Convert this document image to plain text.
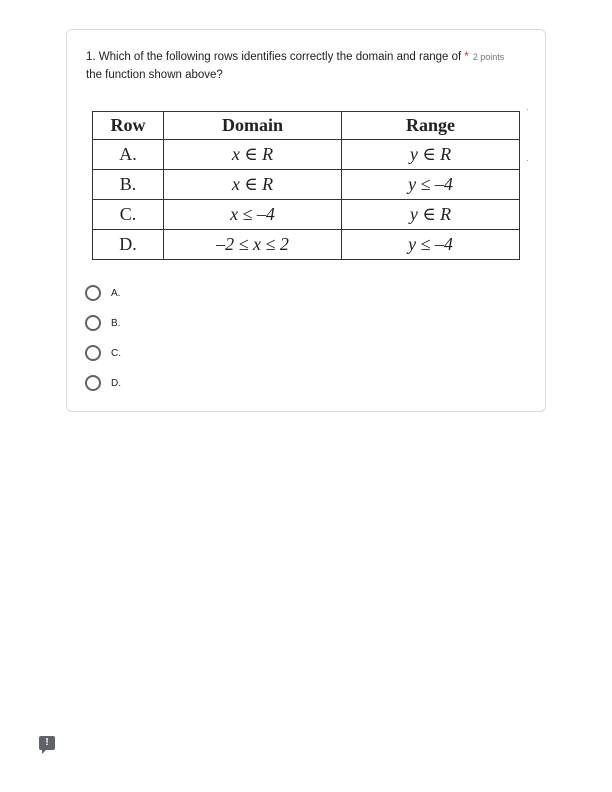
1. Which of the following rows identifies correctly the domain and range of * 2 points
the function shown above?
Row	Domain	Range
A.	x ∈ R	y ∈ R
B.	x ∈ R	y ≤ –4
C.	x ≤ –4	y ∈ R
D.	–2 ≤ x ≤ 2	y ≤ –4
A.
B.
C.
D.
!
